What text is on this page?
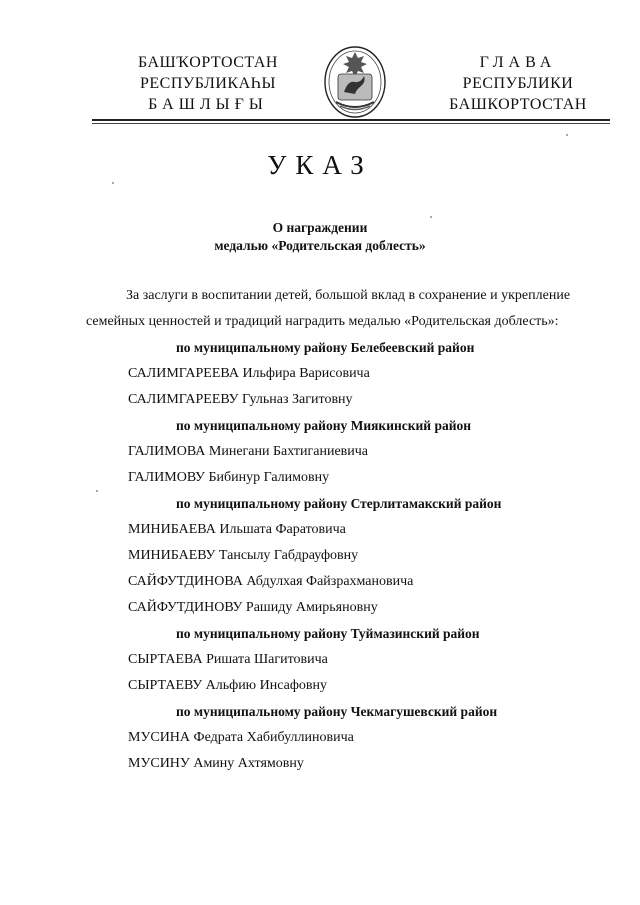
БАШҠОРТОСТАН
РЕСПУБЛИКАҺЫ
БАШЛЫҒЫ
ГЛАВА
РЕСПУБЛИКИ
БАШКОРТОСТАН
УКАЗ
О награждении
медалью «Родительская доблесть»
За заслуги в воспитании детей, большой вклад в сохранение и укрепление
семейных ценностей и традиций наградить медалью «Родительская доблесть»:
по муниципальному району Белебеевский район
САЛИМГАРЕЕВА Ильфира Варисовича
САЛИМГАРЕЕВУ Гульназ Загитовну
по муниципальному району Миякинский район
ГАЛИМОВА Минегани Бахтиганиевича
ГАЛИМОВУ Бибинур Галимовну
по муниципальному району Стерлитамакский район
МИНИБАЕВА Ильшата Фаратовича
МИНИБАЕВУ Тансылу Габдрауфовну
САЙФУТДИНОВА Абдулхая Файзрахмановича
САЙФУТДИНОВУ Рашиду Амирьяновну
по муниципальному району Туймазинский район
СЫРТАЕВА Ришата Шагитовича
СЫРТАЕВУ Альфию Инсафовну
по муниципальному району Чекмагушевский район
МУСИНА Федрата Хабибуллиновича
МУСИНУ Амину Ахтямовну
